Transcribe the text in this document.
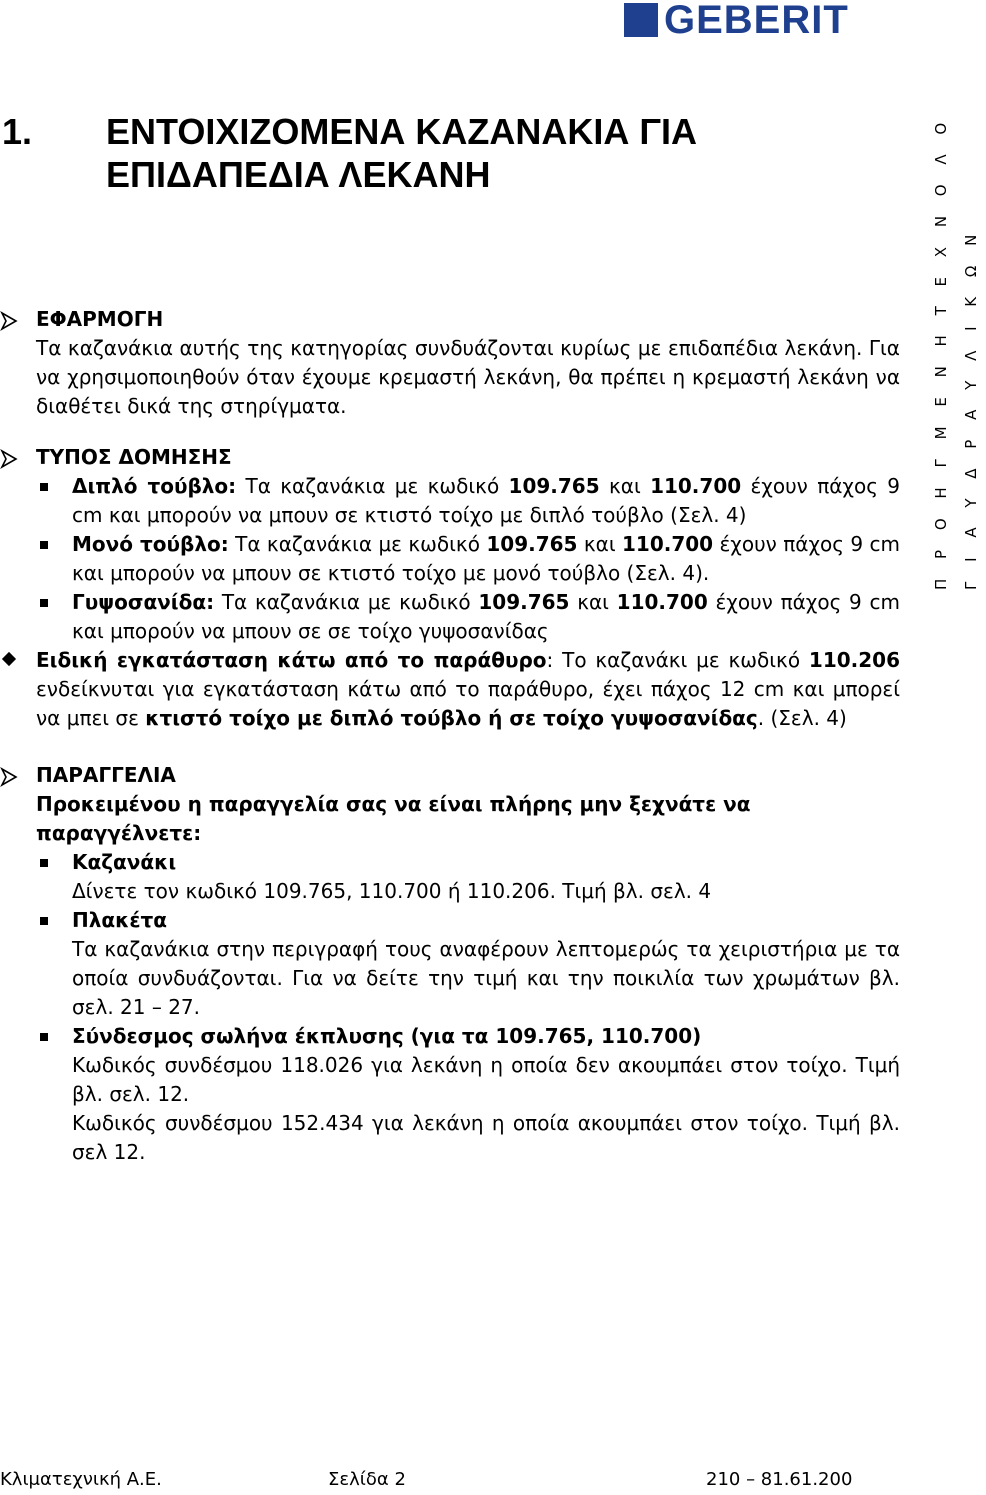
GEBERIT
1. ΕΝΤΟΙΧΙΖΟΜΕΝΑ ΚΑΖΑΝΑΚΙΑ ΓΙΑ ΕΠΙΔΑΠΕΔΙΑ ΛΕΚΑΝΗ	Π Ρ Ο Η Γ Μ Ε Ν Η Τ Ε Χ Ν Ο Λ Ο Γ Ι Α Υ Δ Ρ Α Υ Λ Ι Κ Ω Ν
ΕΦΑΡΜΟΓΗ
Τα καζανάκια αυτής της κατηγορίας συνδυάζονται κυρίως με επιδαπέδια λεκάνη. Για να χρησιμοποιηθούν όταν έχουμε κρεμαστή λεκάνη, θα πρέπει η κρεμαστή λεκάνη να διαθέτει δικά της στηρίγματα.
ΤΥΠΟΣ ΔΟΜΗΣΗΣ
Διπλό τούβλο: Τα καζανάκια με κωδικό 109.765 και 110.700 έχουν πάχος 9 cm και μπορούν να μπουν σε κτιστό τοίχο με διπλό τούβλο (Σελ. 4)
Μονό τούβλο: Τα καζανάκια με κωδικό 109.765 και 110.700 έχουν πάχος 9 cm και μπορούν να μπουν σε κτιστό τοίχο με μονό τούβλο (Σελ. 4).
Γυψοσανίδα: Τα καζανάκια με κωδικό 109.765 και 110.700 έχουν πάχος 9 cm και μπορούν να μπουν σε σε τοίχο γυψοσανίδας
Ειδική εγκατάσταση κάτω από το παράθυρο: Το καζανάκι με κωδικό 110.206 ενδείκνυται για εγκατάσταση κάτω από το παράθυρο, έχει πάχος 12 cm και μπορεί να μπει σε κτιστό τοίχο με διπλό τούβλο ή σε τοίχο γυψοσανίδας. (Σελ. 4)
ΠΑΡΑΓΓΕΛΙΑ
Προκειμένου η παραγγελία σας να είναι πλήρης μην ξεχνάτε να παραγγέλνετε:
Καζανάκι
Δίνετε τον κωδικό 109.765, 110.700 ή 110.206. Τιμή βλ. σελ. 4
Πλακέτα
Τα καζανάκια στην περιγραφή τους αναφέρουν λεπτομερώς τα χειριστήρια με τα οποία συνδυάζονται. Για να δείτε την τιμή και την ποικιλία των χρωμάτων βλ. σελ. 21 – 27.
Σύνδεσμος σωλήνα έκπλυσης (για τα 109.765, 110.700)
Κωδικός συνδέσμου 118.026 για λεκάνη η οποία δεν ακουμπάει στον τοίχο. Τιμή βλ. σελ. 12.
Κωδικός συνδέσμου 152.434 για λεκάνη η οποία ακουμπάει στον τοίχο. Τιμή βλ. σελ 12.
Κλιματεχνική Α.Ε.	Σελίδα 2	210 – 81.61.200
